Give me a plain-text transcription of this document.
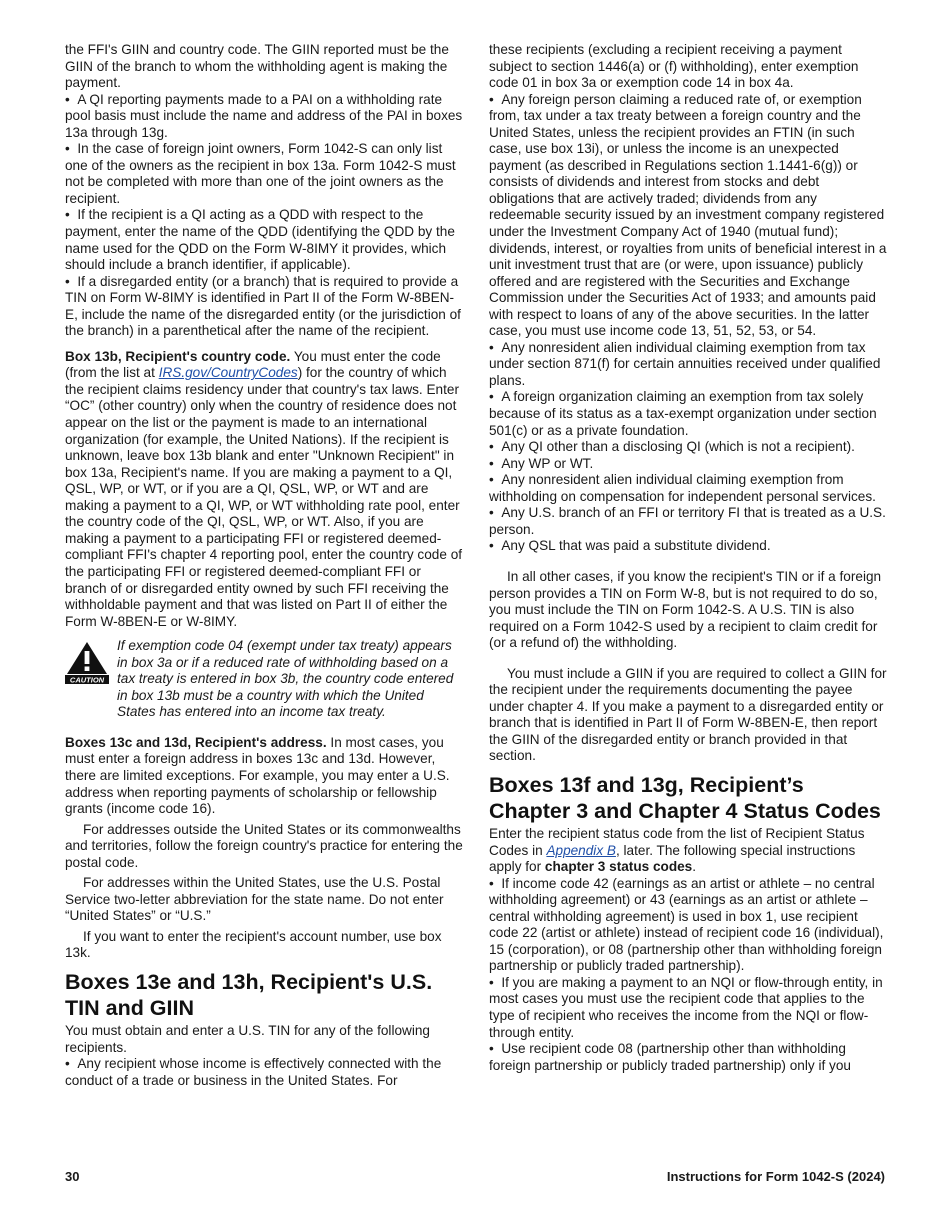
the FFI's GIIN and country code. The GIIN reported must be the GIIN of the branch to whom the withholding agent is making the payment.

•  A QI reporting payments made to a PAI on a withholding rate pool basis must include the name and address of the PAI in boxes 13a through 13g.

•  In the case of foreign joint owners, Form 1042-S can only list one of the owners as the recipient in box 13a. Form 1042-S must not be completed with more than one of the joint owners as the recipient.

•  If the recipient is a QI acting as a QDD with respect to the payment, enter the name of the QDD (identifying the QDD by the name used for the QDD on the Form W-8IMY it provides, which should include a branch identifier, if applicable).

•  If a disregarded entity (or a branch) that is required to provide a TIN on Form W-8IMY is identified in Part II of the Form W-8BEN-E, include the name of the disregarded entity (or the jurisdiction of the branch) in a parenthetical after the name of the recipient.

Box 13b, Recipient's country code. You must enter the code (from the list at IRS.gov/CountryCodes) for the country of which the recipient claims residency under that country's tax laws. Enter “OC” (other country) only when the country of residence does not appear on the list or the payment is made to an international organization (for example, the United Nations). If the recipient is unknown, leave box 13b blank and enter "Unknown Recipient" in box 13a, Recipient's name. If you are making a payment to a QI, QSL, WP, or WT, or if you are a QI, QSL, WP, or WT and are making a payment to a QI, WP, or WT withholding rate pool, enter the country code of the QI, QSL, WP, or WT. Also, if you are making a payment to a participating FFI or registered deemed-compliant FFI's chapter 4 reporting pool, enter the country code of the participating FFI or registered deemed-compliant FFI or branch of or disregarded entity owned by such FFI receiving the withholdable payment and that was listed on Part II of either the Form W-8BEN-E or W-8IMY.

CAUTION

If exemption code 04 (exempt under tax treaty) appears in box 3a or if a reduced rate of withholding based on a tax treaty is entered in box 3b, the country code entered in box 13b must be a country with which the United States has entered into an income tax treaty.

Boxes 13c and 13d, Recipient's address. In most cases, you must enter a foreign address in boxes 13c and 13d. However, there are limited exceptions. For example, you may enter a U.S. address when reporting payments of scholarship or fellowship grants (income code 16).

For addresses outside the United States or its commonwealths and territories, follow the foreign country's practice for entering the postal code.

For addresses within the United States, use the U.S. Postal Service two-letter abbreviation for the state name. Do not enter “United States” or “U.S.”

If you want to enter the recipient's account number, use box 13k.

Boxes 13e and 13h, Recipient's U.S. TIN and GIIN

You must obtain and enter a U.S. TIN for any of the following recipients.

•  Any recipient whose income is effectively connected with the conduct of a trade or business in the United States. For

these recipients (excluding a recipient receiving a payment subject to section 1446(a) or (f) withholding), enter exemption code 01 in box 3a or exemption code 14 in box 4a.

•  Any foreign person claiming a reduced rate of, or exemption from, tax under a tax treaty between a foreign country and the United States, unless the recipient provides an FTIN (in such case, use box 13i), or unless the income is an unexpected payment (as described in Regulations section 1.1441-6(g)) or consists of dividends and interest from stocks and debt obligations that are actively traded; dividends from any redeemable security issued by an investment company registered under the Investment Company Act of 1940 (mutual fund); dividends, interest, or royalties from units of beneficial interest in a unit investment trust that are (or were, upon issuance) publicly offered and are registered with the Securities and Exchange Commission under the Securities Act of 1933; and amounts paid with respect to loans of any of the above securities. In the latter case, you must use income code 13, 51, 52, 53, or 54.

•  Any nonresident alien individual claiming exemption from tax under section 871(f) for certain annuities received under qualified plans.

•  A foreign organization claiming an exemption from tax solely because of its status as a tax-exempt organization under section 501(c) or as a private foundation.

•  Any QI other than a disclosing QI (which is not a recipient).

•  Any WP or WT.

•  Any nonresident alien individual claiming exemption from withholding on compensation for independent personal services.

•  Any U.S. branch of an FFI or territory FI that is treated as a U.S. person.

•  Any QSL that was paid a substitute dividend.

In all other cases, if you know the recipient's TIN or if a foreign person provides a TIN on Form W-8, but is not required to do so, you must include the TIN on Form 1042-S. A U.S. TIN is also required on a Form 1042-S used by a recipient to claim credit for (or a refund of) the withholding.

You must include a GIIN if you are required to collect a GIIN for the recipient under the requirements documenting the payee under chapter 4. If you make a payment to a disregarded entity or branch that is identified in Part II of Form W-8BEN-E, then report the GIIN of the disregarded entity or branch provided in that section.

Boxes 13f and 13g, Recipient’s Chapter 3 and Chapter 4 Status Codes

Enter the recipient status code from the list of Recipient Status Codes in Appendix B, later. The following special instructions apply for chapter 3 status codes.

•  If income code 42 (earnings as an artist or athlete – no central withholding agreement) or 43 (earnings as an artist or athlete – central withholding agreement) is used in box 1, use recipient code 22 (artist or athlete) instead of recipient code 16 (individual), 15 (corporation), or 08 (partnership other than withholding foreign partnership or publicly traded partnership).

•  If you are making a payment to an NQI or flow-through entity, in most cases you must use the recipient code that applies to the type of recipient who receives the income from the NQI or flow-through entity.

•  Use recipient code 08 (partnership other than withholding foreign partnership or publicly traded partnership) only if you

30	Instructions for Form 1042-S (2024)
